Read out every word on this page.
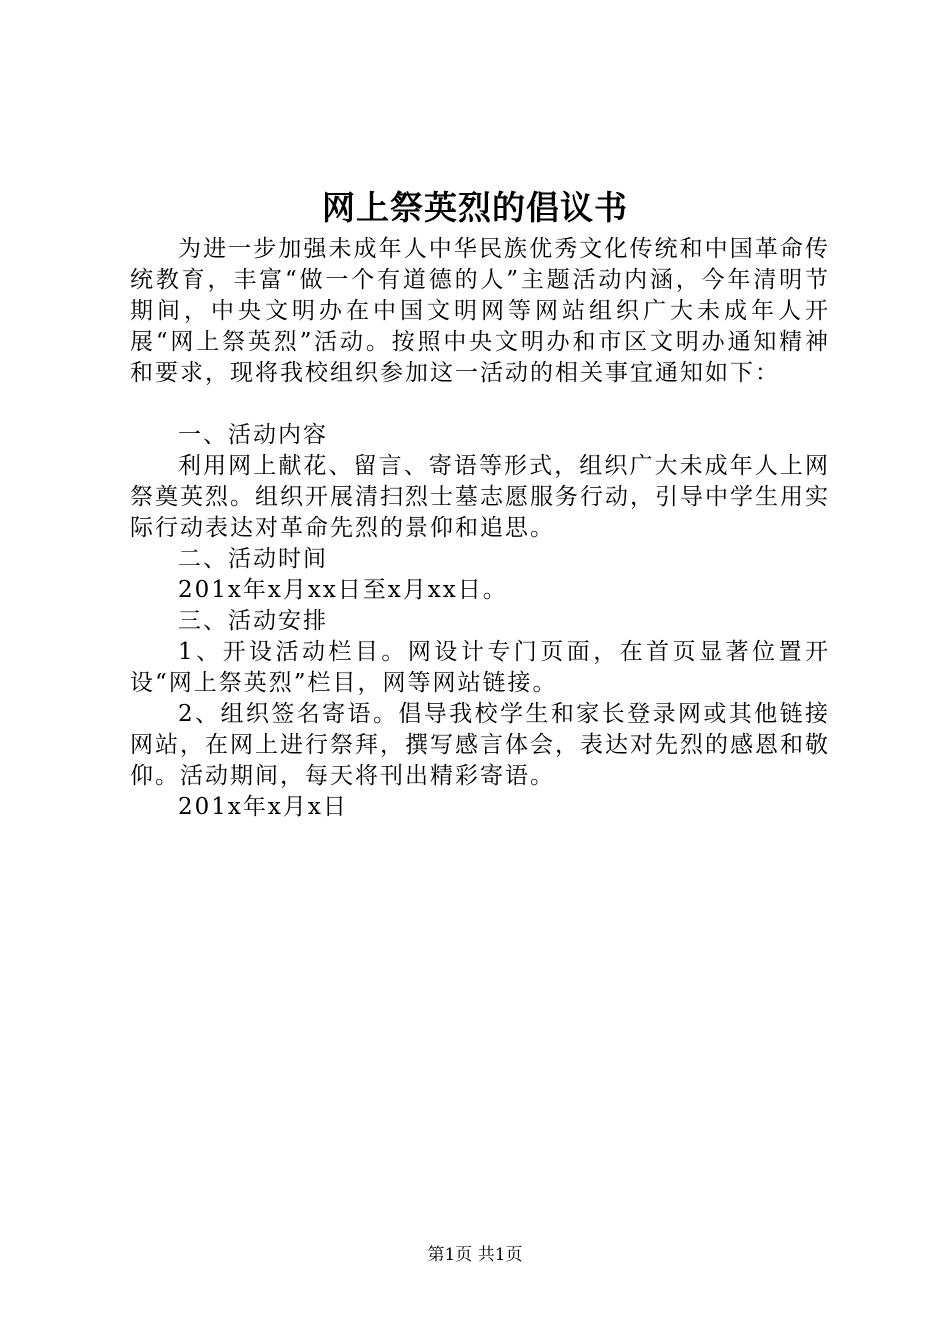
网上祭英烈的倡议书

为进一步加强未成年人中华民族优秀文化传统和中国革命传统教育，丰富“做一个有道德的人”主题活动内涵，今年清明节期间，中央文明办在中国文明网等网站组织广大未成年人开展“网上祭英烈”活动。按照中央文明办和市区文明办通知精神和要求，现将我校组织参加这一活动的相关事宜通知如下：

一、活动内容

利用网上献花、留言、寄语等形式，组织广大未成年人上网祭奠英烈。组织开展清扫烈士墓志愿服务行动，引导中学生用实际行动表达对革命先烈的景仰和追思。

二、活动时间

201x年x月xx日至x月xx日。

三、活动安排

1、开设活动栏目。网设计专门页面，在首页显著位置开设“网上祭英烈”栏目，网等网站链接。

2、组织签名寄语。倡导我校学生和家长登录网或其他链接网站，在网上进行祭拜，撰写感言体会，表达对先烈的感恩和敬仰。活动期间，每天将刊出精彩寄语。

201x年x月x日

第1页 共1页
